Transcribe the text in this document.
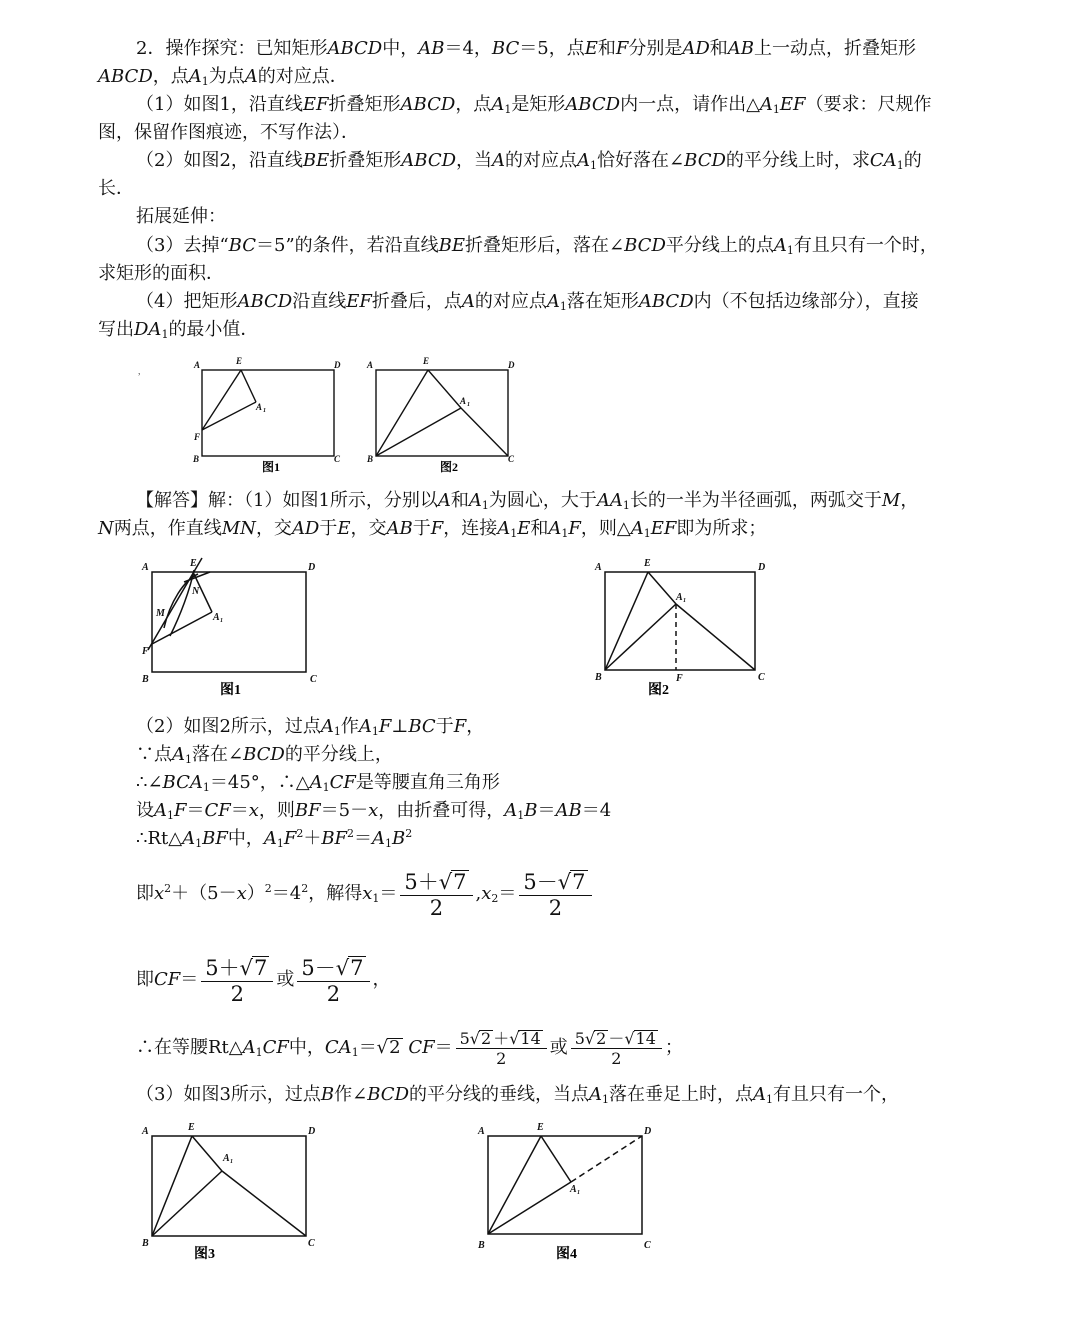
2．操作探究：已知矩形ABCD中，AB＝4，BC＝5，点E和F分别是AD和AB上一动点，折叠矩形
ABCD，点$A_1$为点A的对应点．
（1）如图1，沿直线EF折叠矩形ABCD，点$A_1$是矩形ABCD内一点，请作出$\triangle A_1EF$（要求：尺规作
图，保留作图痕迹，不写作法）．
（2）如图2，沿直线BE折叠矩形ABCD，当A的对应点$A_1$恰好落在∠BCD的平分线上时，求$CA_1$的
长．
拓展延伸：
（3）去掉“BC＝5”的条件，若沿直线BE折叠矩形后，落在∠BCD平分线上的点$A_1$有且只有一个时，
求矩形的面积．
（4）把矩形ABCD沿直线EF折叠后，点A的对应点$A_1$落在矩形ABCD内（不包括边缘部分），直接
写出$DA_1$的最小值．
,
A	E	D
A 1
F
B	C
图1
A	E	D
A 1
B	C
图2
【解答】解：（1）如图1所示，分别以A和$A_1$为圆心，大于$AA_1$长的一半为半径画弧，两弧交于M，
N两点，作直线MN，交AD于E，交AB于F，连接$A_1E$和$A_1F$，则$\triangle A_1EF$即为所求；
A	E	D
N
M	A 1
F
B	C
图1
A	E	D
A 1
B	F	C
图2
（2）如图2所示，过点$A_1$作$A_1F\perp BC$于F，
∵点$A_1$落在∠BCD的平分线上，
$\therefore\angle BCA_1=45^\circ$，$\therefore\triangle A_1CF$是等腰直角三角形
设$A_1F=CF=x$，则BF＝5－x，由折叠可得，$A_1B=AB=4$
$\therefore Rt\triangle A_1BF$中，$A_1F^2+BF^2=A_1B^2$
即$x^2+(5-x)^2=4^2$，解得$x_1= \frac{5+√7}{2} ,x_2= \frac{5-√7}{2}$
即$CF= \frac{5+√7}{2}$ 或 $\frac{5-√7}{2}$ ，
∴在等腰$Rt\triangle A_1CF$中，$CA_1=√2$ $CF= \frac{5√2 +√14}{2}$ 或 $\frac{5√2 -√14}{2}$ ；
（3）如图3所示，过点B作∠BCD的平分线的垂线，当点$A_1$落在垂足上时，点$A_1$有且只有一个，
A	E	D
A 1
B	C
图3
A	E	D
A 1
B	C
图4
